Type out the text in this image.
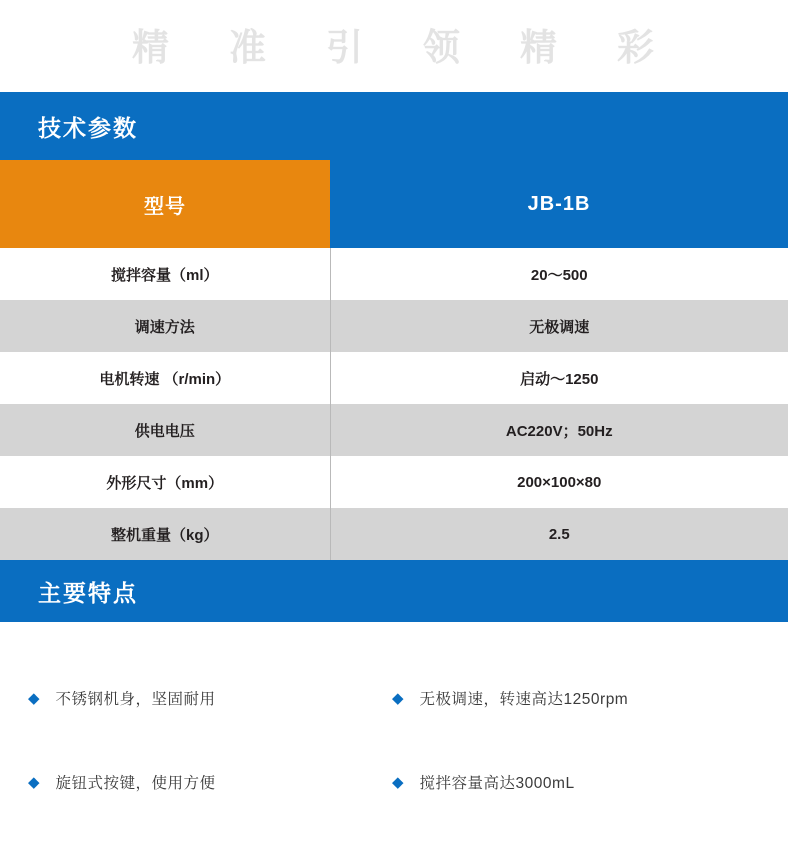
精 准 引 领 精 彩
技术参数
型号	JB-1B
搅拌容量（ml）	20～500
调速方法	无极调速
电机转速 （r/min）	启动～1250
供电电压	AC220V；50Hz
外形尺寸（mm）	200×100×80
整机重量（kg）	2.5
主要特点
◆ 不锈钢机身，坚固耐用	◆ 无极调速，转速高达1250rpm
◆ 旋钮式按键，使用方便	◆ 搅拌容量高达3000mL
